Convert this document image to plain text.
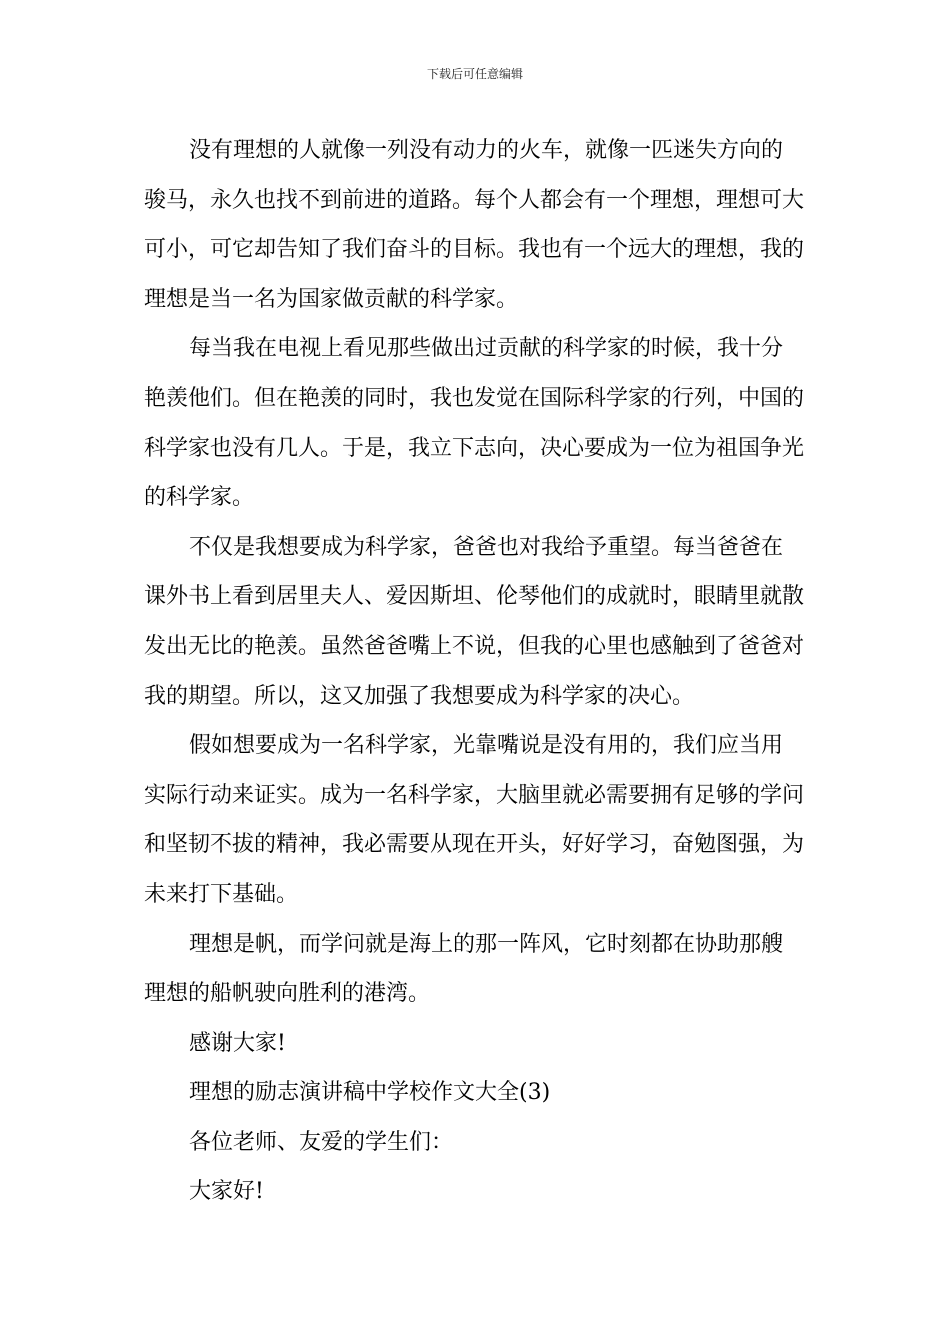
下载后可任意编辑

没有理想的人就像一列没有动力的火车，就像一匹迷失方向的骏马，永久也找不到前进的道路。每个人都会有一个理想，理想可大可小，可它却告知了我们奋斗的目标。我也有一个远大的理想，我的理想是当一名为国家做贡献的科学家。

每当我在电视上看见那些做出过贡献的科学家的时候，我十分艳羡他们。但在艳羡的同时，我也发觉在国际科学家的行列，中国的科学家也没有几人。于是，我立下志向，决心要成为一位为祖国争光的科学家。

不仅是我想要成为科学家，爸爸也对我给予重望。每当爸爸在课外书上看到居里夫人、爱因斯坦、伦琴他们的成就时，眼睛里就散发出无比的艳羡。虽然爸爸嘴上不说，但我的心里也感触到了爸爸对我的期望。所以，这又加强了我想要成为科学家的决心。

假如想要成为一名科学家，光靠嘴说是没有用的，我们应当用实际行动来证实。成为一名科学家，大脑里就必需要拥有足够的学问和坚韧不拔的精神，我必需要从现在开头，好好学习，奋勉图强，为未来打下基础。

理想是帆，而学问就是海上的那一阵风，它时刻都在协助那艘理想的船帆驶向胜利的港湾。

感谢大家!

理想的励志演讲稿中学校作文大全(3)

各位老师、友爱的学生们：

大家好!
